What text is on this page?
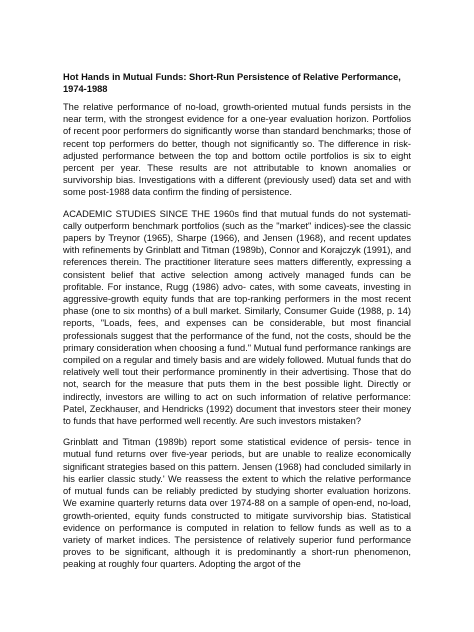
Hot Hands in Mutual Funds: Short-Run Persistence of Relative Performance, 1974-1988
The relative performance of no-load, growth-oriented mutual funds persists in the near term, with the strongest evidence for a one-year evaluation horizon. Portfolios of recent poor performers do significantly worse than standard benchmarks; those of recent top performers do better, though not significantly so. The difference in risk-adjusted performance between the top and bottom octile portfolios is six to eight percent per year. These results are not attributable to known anomalies or survivorship bias. Investigations with a different (previously used) data set and with some post-1988 data confirm the finding of persistence.
ACADEMIC STUDIES SINCE THE 1960s find that mutual funds do not systemati- cally outperform benchmark portfolios (such as the "market" indices)-see the classic papers by Treynor (1965), Sharpe (1966), and Jensen (1968), and recent updates with refinements by Grinblatt and Titman (1989b), Connor and Korajczyk (1991), and references therein. The practitioner literature sees matters differently, expressing a consistent belief that active selection among actively managed funds can be profitable. For instance, Rugg (1986) advo- cates, with some caveats, investing in aggressive-growth equity funds that are top-ranking performers in the most recent phase (one to six months) of a bull market. Similarly, Consumer Guide (1988, p. 14) reports, "Loads, fees, and expenses can be considerable, but most financial professionals suggest that the performance of the fund, not the costs, should be the primary consideration when choosing a fund." Mutual fund performance rankings are compiled on a regular and timely basis and are widely followed. Mutual funds that do relatively well tout their performance prominently in their advertising. Those that do not, search for the measure that puts them in the best possible light. Directly or indirectly, investors are willing to act on such information of relative performance: Patel, Zeckhauser, and Hendricks (1992) document that investors steer their money to funds that have performed well recently. Are such investors mistaken?
Grinblatt and Titman (1989b) report some statistical evidence of persis- tence in mutual fund returns over five-year periods, but are unable to realize economically significant strategies based on this pattern. Jensen (1968) had concluded similarly in his earlier classic study.' We reassess the extent to which the relative performance of mutual funds can be reliably predicted by studying shorter evaluation horizons. We examine quarterly returns data over 1974-88 on a sample of open-end, no-load, growth-oriented, equity funds constructed to mitigate survivorship bias. Statistical evidence on performance is computed in relation to fellow funds as well as to a variety of market indices. The persistence of relatively superior fund performance proves to be significant, although it is predominantly a short-run phenomenon, peaking at roughly four quarters. Adopting the argot of the
